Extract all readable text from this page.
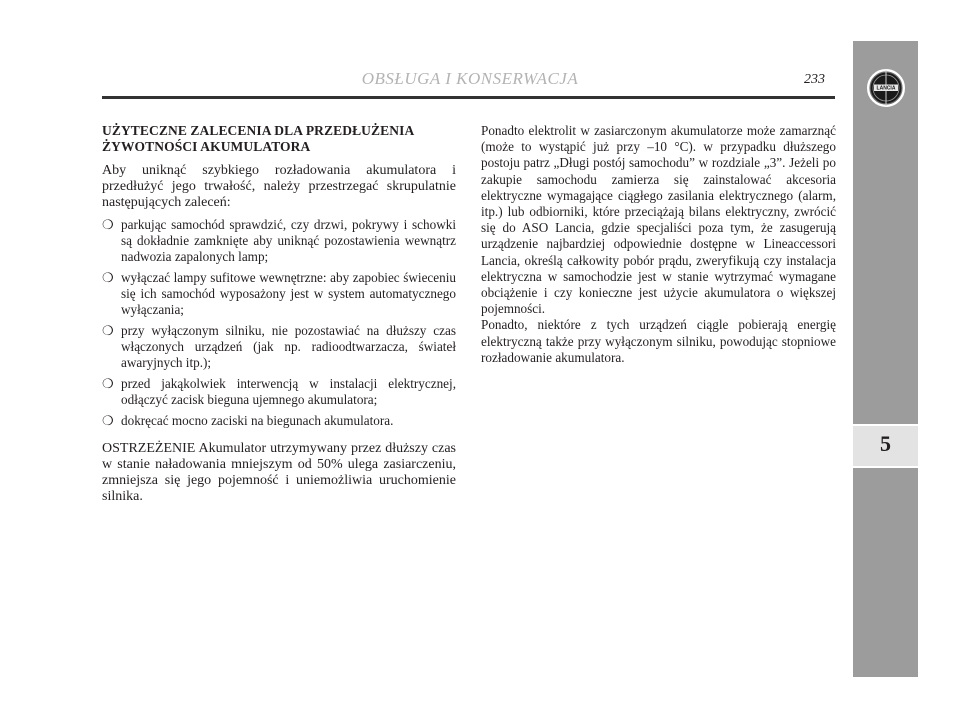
OBSŁUGA I KONSERWACJA	233
5
LANCIA
UŻYTECZNE ZALECENIA DLA PRZEDŁUŻENIA
ŻYWOTNOŚCI AKUMULATORA

Aby uniknąć szybkiego rozładowania akumulatora i przedłużyć jego trwałość, należy przestrzegać skrupulatnie następujących zaleceń:

❍ parkując samochód sprawdzić, czy drzwi, pokrywy i schowki są dokładnie zamknięte aby uniknąć pozostawienia wewnątrz nadwozia zapalonych lamp;
❍ wyłączać lampy sufitowe wewnętrzne: aby zapobiec świeceniu się ich samochód wyposażony jest w system automatycznego wyłączania;
❍ przy wyłączonym silniku, nie pozostawiać na dłuższy czas włączonych urządzeń (jak np. radioodtwarzacza, świateł awaryjnych itp.);
❍ przed jakąkolwiek interwencją w instalacji elektrycznej, odłączyć zacisk bieguna ujemnego akumulatora;
❍ dokręcać mocno zaciski na biegunach akumulatora.

OSTRZEŻENIE Akumulator utrzymywany przez dłuższy czas w stanie naładowania mniejszym od 50% ulega zasiarczeniu, zmniejsza się jego pojemność i uniemożliwia uruchomienie silnika.

Ponadto elektrolit w zasiarczonym akumulatorze może zamarznąć (może to wystąpić już przy –10 °C). w przypadku dłuższego postoju patrz „Długi postój samochodu” w rozdziale „3”. Jeżeli po zakupie samochodu zamierza się zainstalować akcesoria elektryczne wymagające ciągłego zasilania elektrycznego (alarm, itp.) lub odbiorniki, które przeciążają bilans elektryczny, zwrócić się do ASO Lancia, gdzie specjaliści poza tym, że zasugerują urządzenie najbardziej odpowiednie dostępne w Lineaccessori Lancia, określą całkowity pobór prądu, zweryfikują czy instalacja elektryczna w samochodzie jest w stanie wytrzymać wymagane obciążenie i czy konieczne jest użycie akumulatora o większej pojemności.

Ponadto, niektóre z tych urządzeń ciągle pobierają energię elektryczną także przy wyłączonym silniku, powodując stopniowe rozładowanie akumulatora.
